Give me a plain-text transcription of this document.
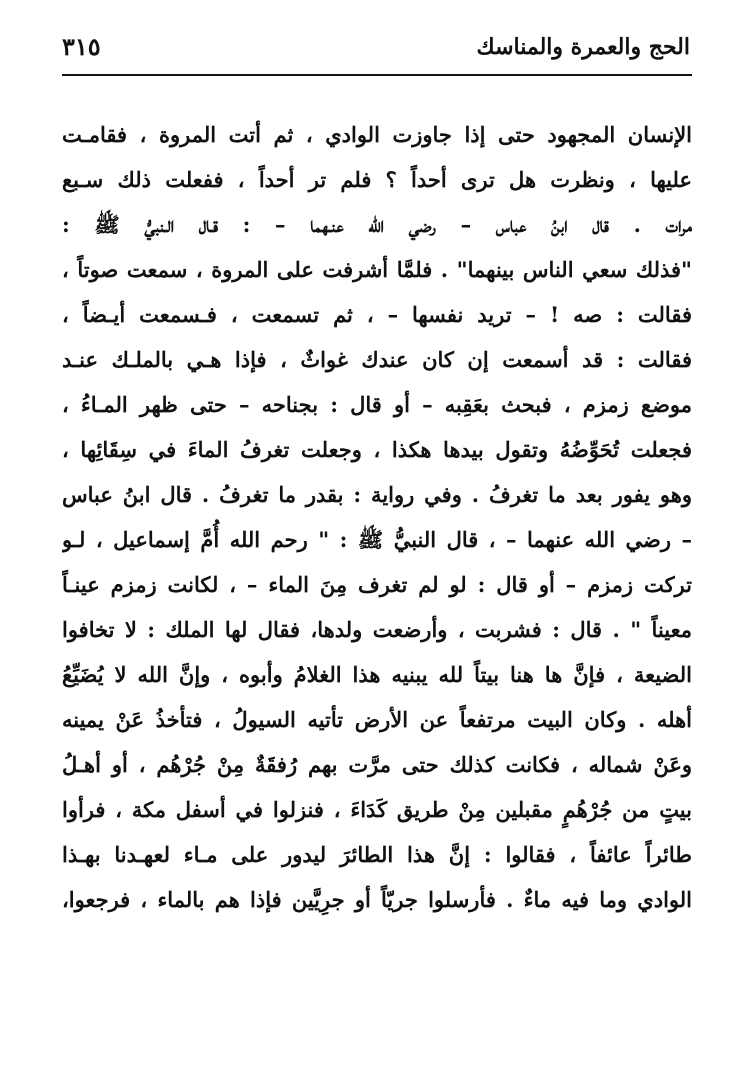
الحج والعمرة والمناسك
٣١٥
الإنسان المجهود حتى إذا جاوزت الوادي ، ثم أتت المروة ، فقامـت
عليها ، ونظرت هل ترى أحداً ؟ فلم تر أحداً ، ففعلت ذلك سـبع
مرات . قال ابنُ عباس – رضي الله عنـهما – : قـال الـنبيُّ ﷺ :
"فذلك سعي الناس بينهما" . فلمَّا أشرفت على المروة ، سمعت صوتاً ،
فقالت : صه ! – تريد نفسها – ، ثم تسمعت ، فـسمعت أيـضاً ،
فقالت : قد أسمعت إن كان عندك غواثٌ ، فإذا هـي بالملـك عنـد
موضع زمزم ، فبحث بعَقِبه – أو قال : بجناحه – حتى ظهر المـاءُ ،
فجعلت تُحَوِّضُهُ وتقول بيدها هكذا ، وجعلت تغرفُ الماءَ في سِقَائِها ،
وهو يفور بعد ما تغرفُ . وفي رواية : بقدر ما تغرفُ . قال ابنُ عباس
– رضي الله عنهما – ، قال النبيُّ ﷺ : " رحم الله أُمَّ إسماعيل ، لـو
تركت زمزم – أو قال : لو لم تغرف مِنَ الماء – ، لكانت زمزم عينـاً
معيناً " . قال : فشربت ، وأرضعت ولدها، فقال لها الملك : لا تخافوا
الضيعة ، فإنَّ ها هنا بيتاً لله يبنيه هذا الغلامُ وأبوه ، وإنَّ الله لا يُضَيِّعُ
أهله . وكان البيت مرتفعاً عن الأرض تأتيه السيولُ ، فتأخذُ عَنْ يمينه
وعَنْ شماله ، فكانت كذلك حتى مرَّت بهم رُفقَةٌ مِنْ جُرْهُم ، أو أهـلُ
بيتٍ من جُرْهُمٍ مقبلين مِنْ طريق كَدَاءَ ، فنزلوا في أسفل مكة ، فرأوا
طائراً عائفاً ، فقالوا : إنَّ هذا الطائرَ ليدور على مـاء لعهـدنا بهـذا
الوادي وما فيه ماءٌ . فأرسلوا جريّاً أو جرِيَّين فإذا هم بالماء ، فرجعوا،
